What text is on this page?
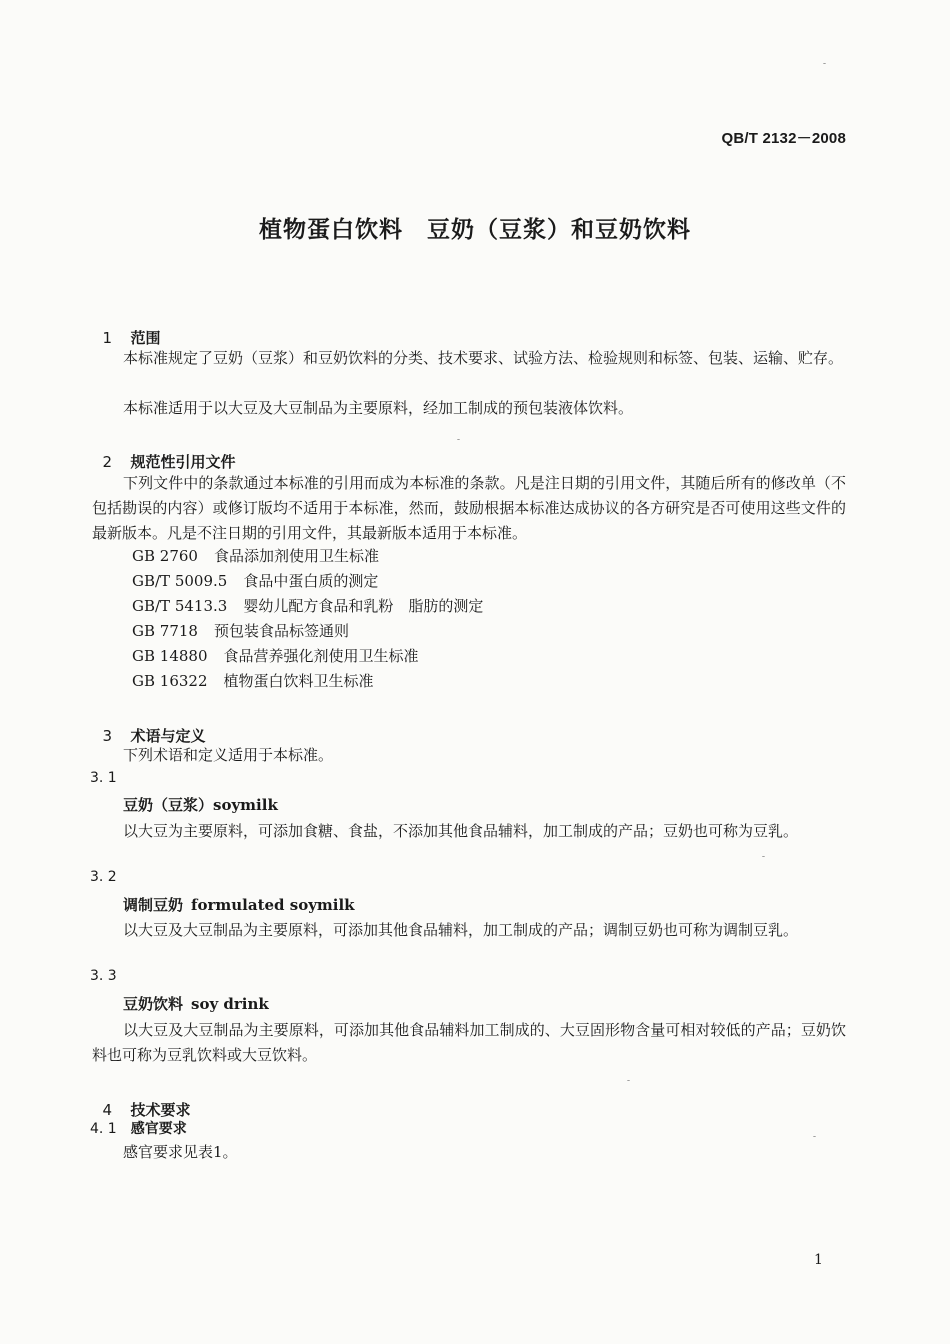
QB/T 2132－2008
植物蛋白饮料　豆奶（豆浆）和豆奶饮料

1 范围

本标准规定了豆奶（豆浆）和豆奶饮料的分类、技术要求、试验方法、检验规则和标签、包装、运输、贮存。
本标准适用于以大豆及大豆制品为主要原料，经加工制成的预包装液体饮料。

2 规范性引用文件

下列文件中的条款通过本标准的引用而成为本标准的条款。凡是注日期的引用文件，其随后所有的修改单（不包括勘误的内容）或修订版均不适用于本标准，然而，鼓励根据本标准达成协议的各方研究是否可使用这些文件的最新版本。凡是不注日期的引用文件，其最新版本适用于本标准。
GB 2760 食品添加剂使用卫生标准
GB/T 5009.5 食品中蛋白质的测定
GB/T 5413.3 婴幼儿配方食品和乳粉　脂肪的测定
GB 7718 预包装食品标签通则
GB 14880 食品营养强化剂使用卫生标准
GB 16322 植物蛋白饮料卫生标准

3 术语与定义

下列术语和定义适用于本标准。
3. 1
豆奶（豆浆）soymilk
以大豆为主要原料，可添加食糖、食盐，不添加其他食品辅料，加工制成的产品；豆奶也可称为豆乳。
3. 2
调制豆奶 formulated soymilk
以大豆及大豆制品为主要原料，可添加其他食品辅料，加工制成的产品；调制豆奶也可称为调制豆乳。
3. 3
豆奶饮料 soy drink
以大豆及大豆制品为主要原料，可添加其他食品辅料加工制成的、大豆固形物含量可相对较低的产品；豆奶饮料也可称为豆乳饮料或大豆饮料。

4 技术要求

4. 1 感官要求
感官要求见表1。
1
